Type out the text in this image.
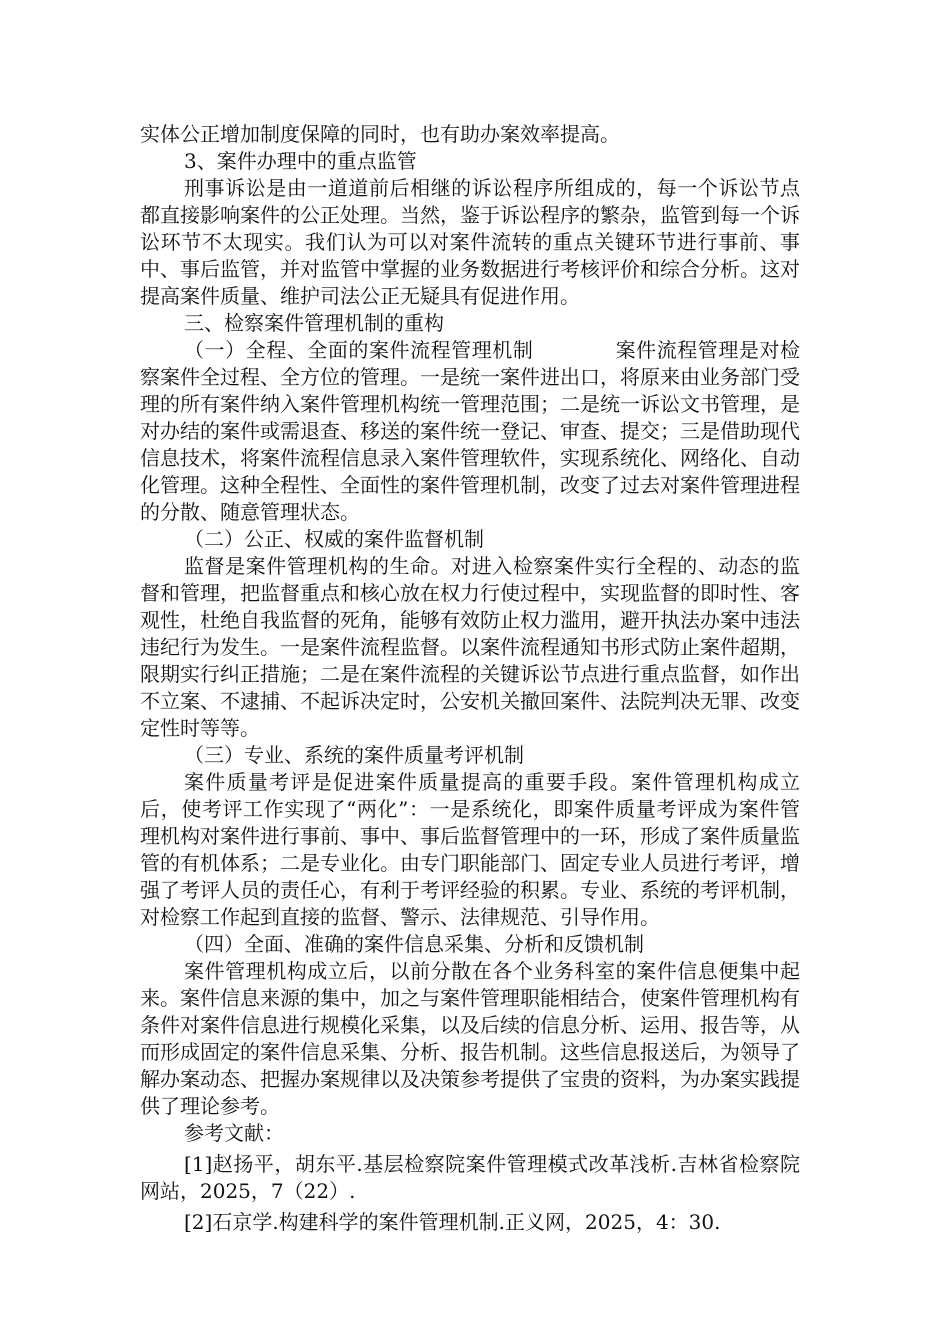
实体公正增加制度保障的同时，也有助办案效率提高。

3、案件办理中的重点监管

刑事诉讼是由一道道前后相继的诉讼程序所组成的，每一个诉讼节点都直接影响案件的公正处理。当然，鉴于诉讼程序的繁杂，监管到每一个诉讼环节不太现实。我们认为可以对案件流转的重点关键环节进行事前、事中、事后监管，并对监管中掌握的业务数据进行考核评价和综合分析。这对提高案件质量、维护司法公正无疑具有促进作用。

三、检察案件管理机制的重构

（一）全程、全面的案件流程管理机制　　　　案件流程管理是对检察案件全过程、全方位的管理。一是统一案件进出口，将原来由业务部门受理的所有案件纳入案件管理机构统一管理范围；二是统一诉讼文书管理，是对办结的案件或需退查、移送的案件统一登记、审查、提交；三是借助现代信息技术，将案件流程信息录入案件管理软件，实现系统化、网络化、自动化管理。这种全程性、全面性的案件管理机制，改变了过去对案件管理进程的分散、随意管理状态。

（二）公正、权威的案件监督机制

监督是案件管理机构的生命。对进入检察案件实行全程的、动态的监督和管理，把监督重点和核心放在权力行使过程中，实现监督的即时性、客观性，杜绝自我监督的死角，能够有效防止权力滥用，避开执法办案中违法违纪行为发生。一是案件流程监督。以案件流程通知书形式防止案件超期，限期实行纠正措施；二是在案件流程的关键诉讼节点进行重点监督，如作出不立案、不逮捕、不起诉决定时，公安机关撤回案件、法院判决无罪、改变定性时等等。

（三）专业、系统的案件质量考评机制

案件质量考评是促进案件质量提高的重要手段。案件管理机构成立后，使考评工作实现了“两化”：一是系统化，即案件质量考评成为案件管理机构对案件进行事前、事中、事后监督管理中的一环，形成了案件质量监管的有机体系；二是专业化。由专门职能部门、固定专业人员进行考评，增强了考评人员的责任心，有利于考评经验的积累。专业、系统的考评机制，对检察工作起到直接的监督、警示、法律规范、引导作用。

（四）全面、准确的案件信息采集、分析和反馈机制

案件管理机构成立后，以前分散在各个业务科室的案件信息便集中起来。案件信息来源的集中，加之与案件管理职能相结合，使案件管理机构有条件对案件信息进行规模化采集，以及后续的信息分析、运用、报告等，从而形成固定的案件信息采集、分析、报告机制。这些信息报送后，为领导了解办案动态、把握办案规律以及决策参考提供了宝贵的资料，为办案实践提供了理论参考。

参考文献：

[1]赵扬平，胡东平.基层检察院案件管理模式改革浅析.吉林省检察院网站，2025，7（22）.

[2]石京学.构建科学的案件管理机制.正义网，2025，4：30.
